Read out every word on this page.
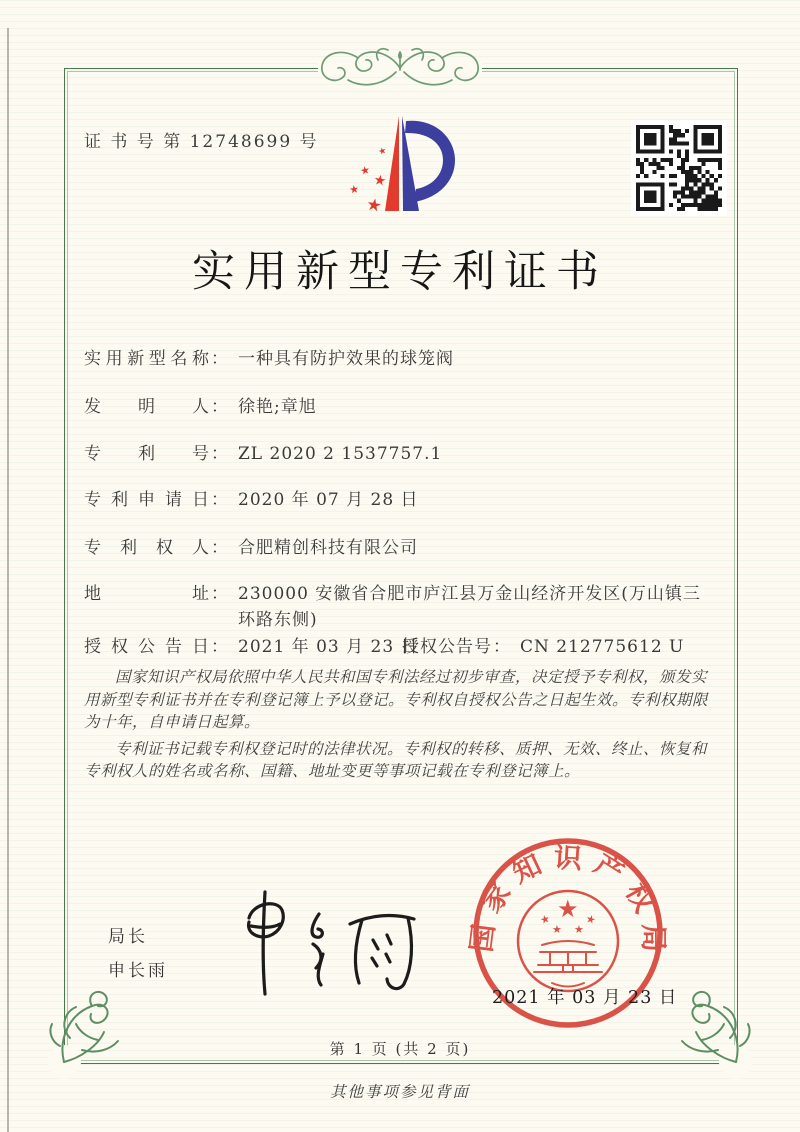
证 书 号 第 12748699 号	★
★
★
★
★
实用新型专利证书
实用新型名称 ： 一种具有防护效果的球笼阀
发明人 ： 徐艳;章旭
专利号 ： ZL 2020 2 1537757.1
专利申请日 ： 2020 年 07 月 28 日
专利权人 ： 合肥精创科技有限公司
地址 ： 230000 安徽省合肥市庐江县万金山经济开发区(万山镇三环路东侧)
授权公告日 ： 2021 年 03 月 23 日
授权公告号 ： CN 212775612 U

国家知识产权局依照中华人民共和国专利法经过初步审查，决定授予专利权，颁发实用新型专利证书并在专利登记簿上予以登记。专利权自授权公告之日起生效。专利权期限为十年，自申请日起算。

专利证书记载专利权登记时的法律状况。专利权的转移、质押、无效、终止、恢复和专利权人的姓名或名称、国籍、地址变更等事项记载在专利登记簿上。

局长
申长雨
国家知识产权局
★
★	★
★ ★
2021 年 03 月 23 日
第 1 页 (共 2 页)
其他事项参见背面
